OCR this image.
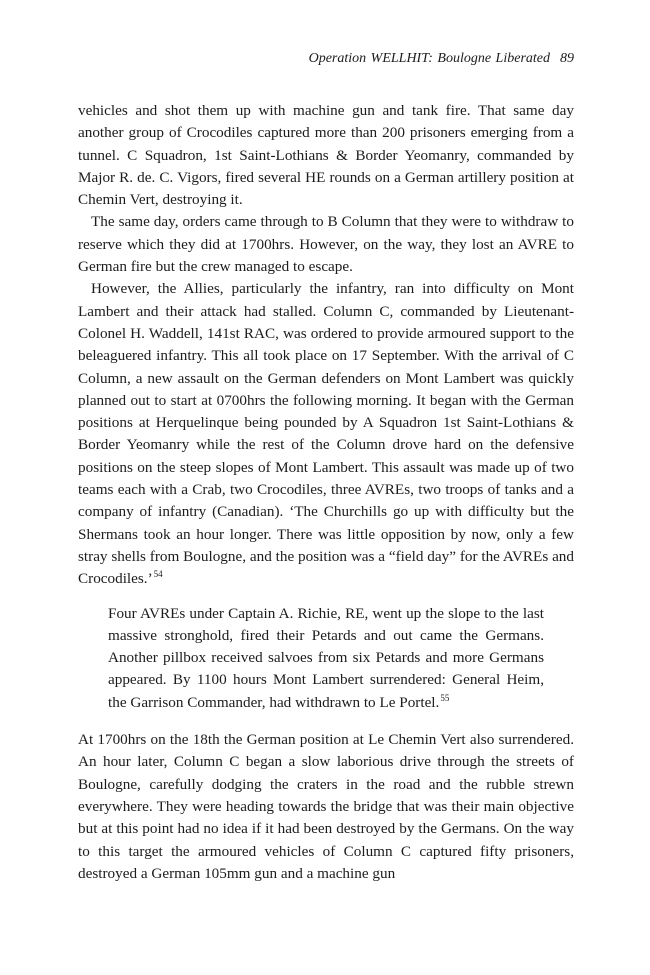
Operation WELLHIT: Boulogne Liberated 89

vehicles and shot them up with machine gun and tank fire. That same day another group of Crocodiles captured more than 200 prisoners emerging from a tunnel. C Squadron, 1st Saint-Lothians & Border Yeomanry, commanded by Major R. de. C. Vigors, fired several HE rounds on a German artillery position at Chemin Vert, destroying it.

The same day, orders came through to B Column that they were to withdraw to reserve which they did at 1700hrs. However, on the way, they lost an AVRE to German fire but the crew managed to escape.

However, the Allies, particularly the infantry, ran into difficulty on Mont Lambert and their attack had stalled. Column C, commanded by Lieutenant-Colonel H. Waddell, 141st RAC, was ordered to provide armoured support to the beleaguered infantry. This all took place on 17 September. With the arrival of C Column, a new assault on the German defenders on Mont Lambert was quickly planned out to start at 0700hrs the following morning. It began with the German positions at Herquelinque being pounded by A Squadron 1st Saint-Lothians & Border Yeomanry while the rest of the Column drove hard on the defensive positions on the steep slopes of Mont Lambert. This assault was made up of two teams each with a Crab, two Crocodiles, three AVREs, two troops of tanks and a company of infantry (Canadian). ‘The Churchills go up with difficulty but the Shermans took an hour longer. There was little opposition by now, only a few stray shells from Boulogne, and the position was a “field day” for the AVREs and Crocodiles.’$^{54}$

Four AVREs under Captain A. Richie, RE, went up the slope to the last massive stronghold, fired their Petards and out came the Germans. Another pillbox received salvoes from six Petards and more Germans appeared. By 1100 hours Mont Lambert surrendered: General Heim, the Garrison Commander, had withdrawn to Le Portel.$^{55}$

At 1700hrs on the 18th the German position at Le Chemin Vert also surrendered. An hour later, Column C began a slow laborious drive through the streets of Boulogne, carefully dodging the craters in the road and the rubble strewn everywhere. They were heading towards the bridge that was their main objective but at this point had no idea if it had been destroyed by the Germans. On the way to this target the armoured vehicles of Column C captured fifty prisoners, destroyed a German 105mm gun and a machine gun
